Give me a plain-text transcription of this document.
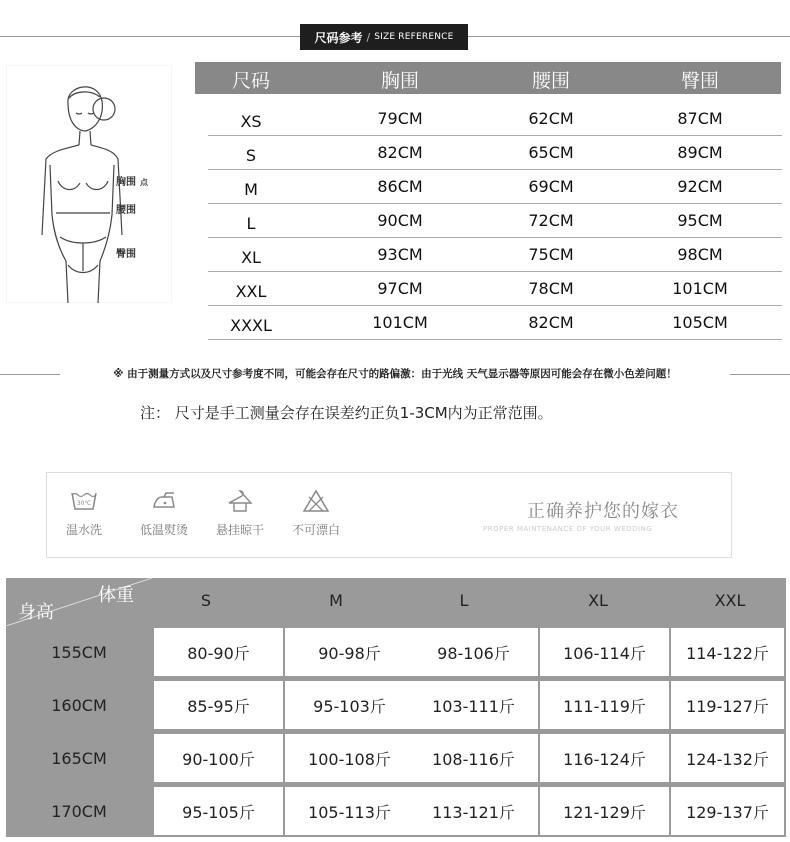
尺码参考 / SIZE REFERENCE
胸围 点
腰围
臀围
尺码	胸围	腰围	臀围
XS	79CM	62CM	87CM
S	82CM	65CM	89CM
M	86CM	69CM	92CM
L	90CM	72CM	95CM
XL	93CM	75CM	98CM
XXL	97CM	78CM	101CM
XXXL	101CM	82CM	105CM
※ 由于测量方式以及尺寸参考度不同，可能会存在尺寸的路偏激：由于光线 天气显示器等原因可能会存在微小色差问题！
注： 尺寸是手工测量会存在误差约正负1-3CM内为正常范围。
30℃
温水洗	低温熨烫	悬挂晾干	不可漂白
正确养护您的嫁衣
PROPER MAINTENANCE OF YOUR WEDDING
体重
身高
S	M	L	XL	XXL
155CM	80-90斤	90-98斤	98-106斤	106-114斤	114-122斤
160CM	85-95斤	95-103斤	103-111斤	111-119斤	119-127斤
165CM	90-100斤	100-108斤	108-116斤	116-124斤	124-132斤
170CM	95-105斤	105-113斤	113-121斤	121-129斤	129-137斤
